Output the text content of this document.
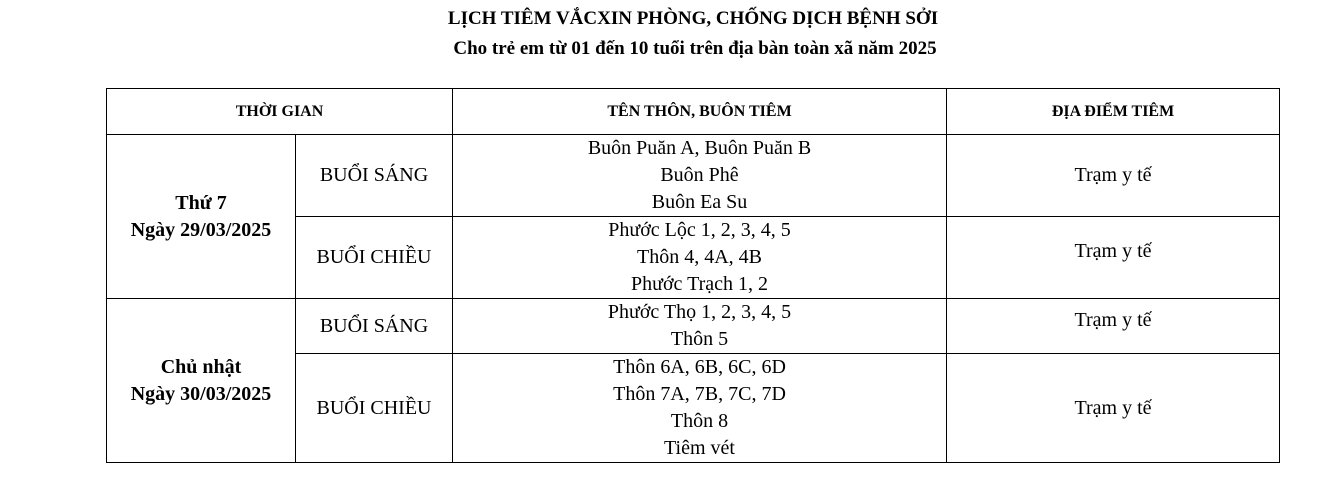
LỊCH TIÊM VẮCXIN PHÒNG, CHỐNG DỊCH BỆNH SỞI
Cho trẻ em từ 01 đến 10 tuổi trên địa bàn toàn xã năm 2025
THỜI GIAN		TÊN THÔN, BUÔN TIÊM	ĐỊA ĐIỂM TIÊM

Thứ 7
Ngày 29/03/2025	BUỔI SÁNG	Buôn Puăn A, Buôn Puăn B
Buôn Phê
Buôn Ea Su	Trạm y tế
	BUỔI CHIỀU	Phước Lộc 1, 2, 3, 4, 5
Thôn 4, 4A, 4B
Phước Trạch 1, 2	Trạm y tế

Chủ nhật
Ngày 30/03/2025	BUỔI SÁNG	Phước Thọ 1, 2, 3, 4, 5
Thôn 5	Trạm y tế
	BUỔI CHIỀU	Thôn 6A, 6B, 6C, 6D
Thôn 7A, 7B, 7C, 7D
Thôn 8
Tiêm vét	Trạm y tế
